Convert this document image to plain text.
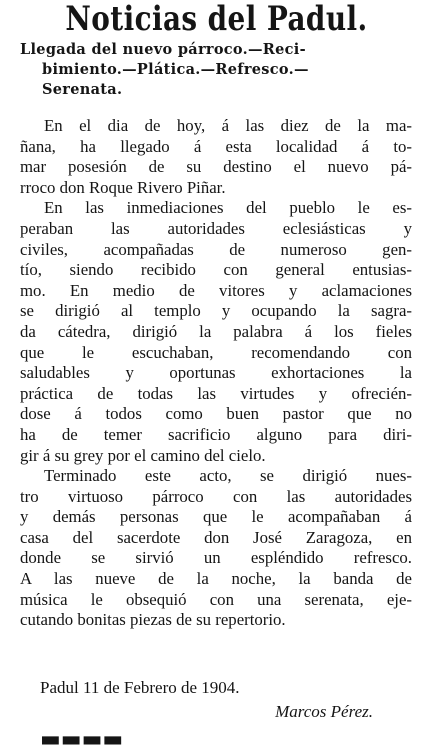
Noticias del Padul.
Llegada del nuevo párroco.—Reci-
bimiento.—Plática.—Refresco.—
Serenata.
En el dia de hoy, á las diez de la ma-
ñana, ha llegado á esta localidad á to-
mar posesión de su destino el nuevo pá-
rroco don Roque Rivero Piñar.
En las inmediaciones del pueblo le es-
peraban las autoridades eclesiásticas y
civiles, acompañadas de numeroso gen-
tío, siendo recibido con general entusias-
mo. En medio de vitores y aclamaciones
se dirigió al templo y ocupando la sagra-
da cátedra, dirigió la palabra á los fieles
que le escuchaban, recomendando con
saludables y oportunas exhortaciones la
práctica de todas las virtudes y ofrecién-
dose á todos como buen pastor que no
ha de temer sacrificio alguno para diri-
gir á su grey por el camino del cielo.
Terminado este acto, se dirigió nues-
tro virtuoso párroco con las autoridades
y demás personas que le acompañaban á
casa del sacerdote don José Zaragoza, en
donde se sirvió un espléndido refresco.
A las nueve de la noche, la banda de
música le obsequió con una serenata, eje-
cutando bonitas piezas de su repertorio.
Padul 11 de Febrero de 1904.
Marcos Pérez.
▬▬▬▬
